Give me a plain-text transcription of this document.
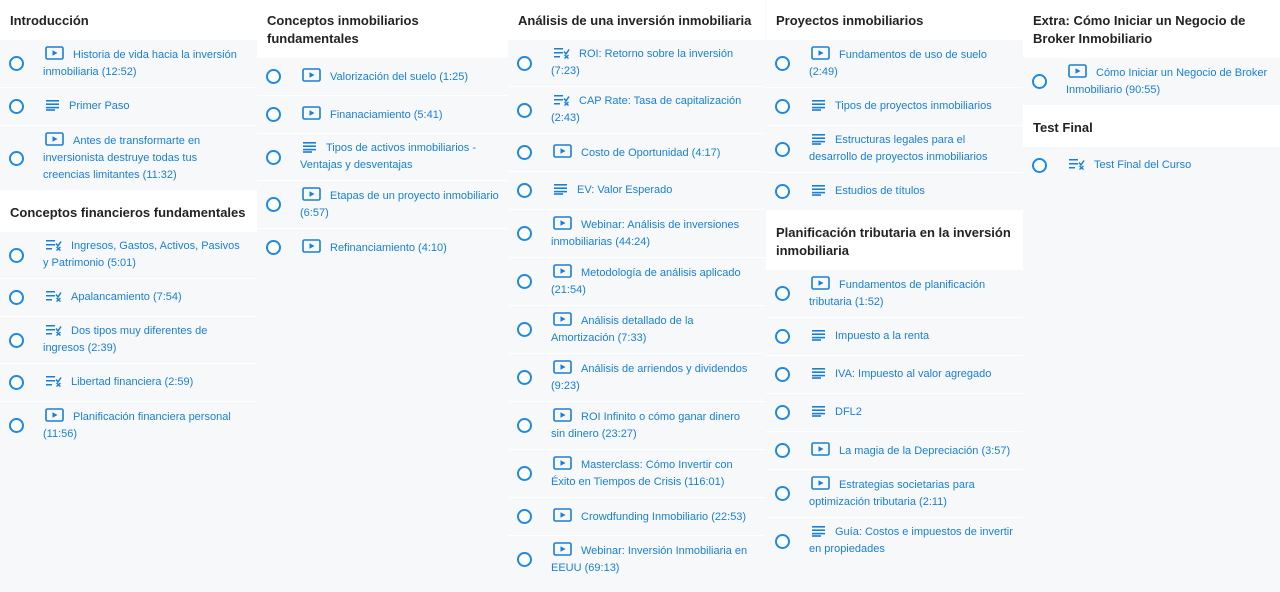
Introducción
Historia de vida hacia la inversión inmobiliaria (12:52)
Primer Paso
Antes de transformarte en inversionista destruye todas tus creencias limitantes (11:32)
Conceptos financieros fundamentales
Ingresos, Gastos, Activos, Pasivos y Patrimonio (5:01)
Apalancamiento (7:54)
Dos tipos muy diferentes de ingresos (2:39)
Libertad financiera (2:59)
Planificación financiera personal (11:56)
Conceptos inmobiliarios fundamentales
Valorización del suelo (1:25)
Finanaciamiento (5:41)
Tipos de activos inmobiliarios - Ventajas y desventajas
Etapas de un proyecto inmobiliario (6:57)
Refinanciamiento (4:10)
Análisis de una inversión inmobiliaria
ROI: Retorno sobre la inversión (7:23)
CAP Rate: Tasa de capitalización (2:43)
Costo de Oportunidad (4:17)
EV: Valor Esperado
Webinar: Análisis de inversiones inmobiliarias (44:24)
Metodología de análisis aplicado (21:54)
Análisis detallado de la Amortización (7:33)
Análisis de arriendos y dividendos (9:23)
ROI Infinito o cómo ganar dinero sin dinero (23:27)
Masterclass: Cómo Invertir con Éxito en Tiempos de Crisis (116:01)
Crowdfunding Inmobiliario (22:53)
Webinar: Inversión Inmobiliaria en EEUU (69:13)
Proyectos inmobiliarios
Fundamentos de uso de suelo (2:49)
Tipos de proyectos inmobiliarios
Estructuras legales para el desarrollo de proyectos inmobiliarios
Estudios de títulos
Planificación tributaria en la inversión inmobiliaria
Fundamentos de planificación tributaria (1:52)
Impuesto a la renta
IVA: Impuesto al valor agregado
DFL2
La magia de la Depreciación (3:57)
Estrategias societarias para optimización tributaria (2:11)
Guía: Costos e impuestos de invertir en propiedades
Extra: Cómo Iniciar un Negocio de Broker Inmobiliario
Cómo Iniciar un Negocio de Broker Inmobiliario (90:55)
Test Final
Test Final del Curso
